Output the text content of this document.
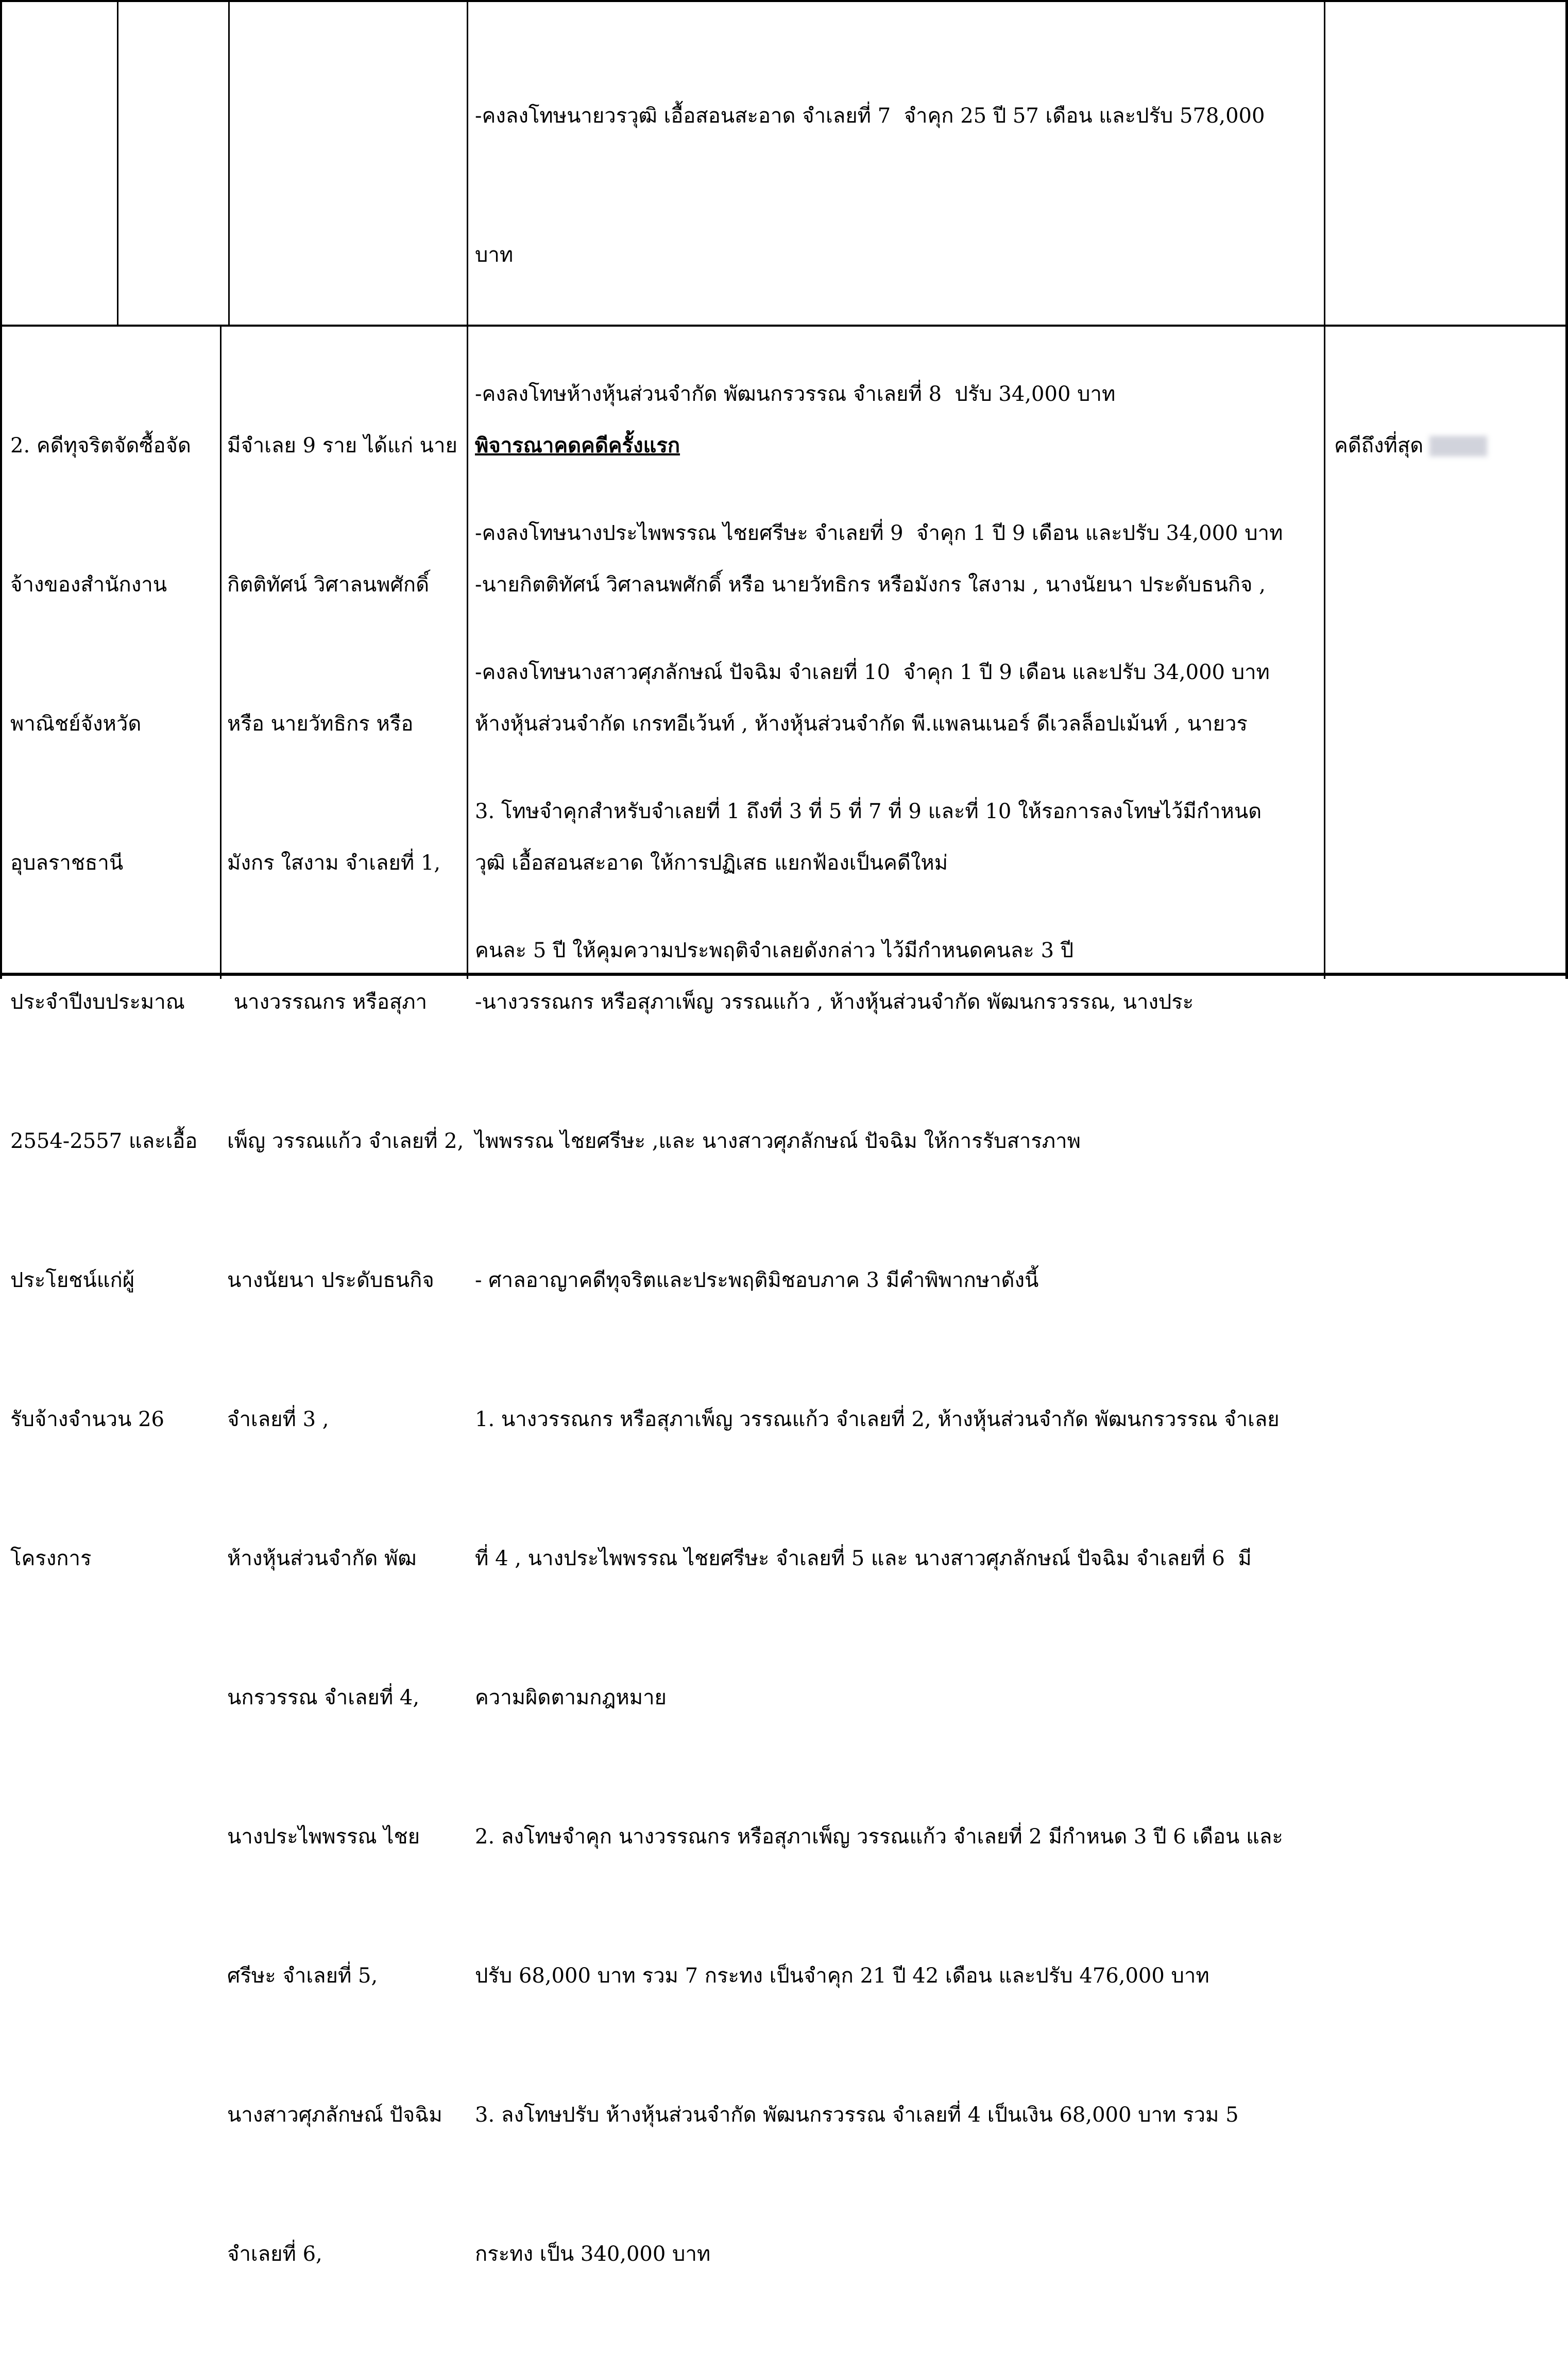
-คงลงโทษนายวรวุฒิ เอื้อสอนสะอาด จำเลยที่ 7  จำคุก 25 ปี 57 เดือน และปรับ 578,000

บาท

-คงลงโทษห้างหุ้นส่วนจำกัด พัฒนกรวรรณ จำเลยที่ 8  ปรับ 34,000 บาท

-คงลงโทษนางประไพพรรณ ไชยศรีษะ จำเลยที่ 9  จำคุก 1 ปี 9 เดือน และปรับ 34,000 บาท

-คงลงโทษนางสาวศุภลักษณ์ ปัจฉิม จำเลยที่ 10  จำคุก 1 ปี 9 เดือน และปรับ 34,000 บาท

3. โทษจำคุกสำหรับจำเลยที่ 1 ถึงที่ 3 ที่ 5 ที่ 7 ที่ 9 และที่ 10 ให้รอการลงโทษไว้มีกำหนด

คนละ 5 ปี ให้คุมความประพฤติจำเลยดังกล่าว ไว้มีกำหนดคนละ 3 ปี

2. คดีทุจริตจัดซื้อจัด

จ้างของสำนักงาน

พาณิชย์จังหวัด

อุบลราชธานี

ประจำปีงบประมาณ

2554-2557 และเอื้อ

ประโยชน์แก่ผู้

รับจ้างจำนวน 26

โครงการ

มีจำเลย 9 ราย ได้แก่ นาย

กิตติทัศน์ วิศาลนพศักดิ์

หรือ นายวัทธิกร หรือ

มังกร ใสงาม จำเลยที่ 1,

นางวรรณกร หรือสุภา

เพ็ญ วรรณแก้ว จำเลยที่ 2,

นางนัยนา ประดับธนกิจ

จำเลยที่ 3 ,

ห้างหุ้นส่วนจำกัด พัฒ

นกรวรรณ จำเลยที่ 4,

นางประไพพรรณ ไชย

ศรีษะ จำเลยที่ 5,

นางสาวศุภลักษณ์ ปัจฉิม

จำเลยที่ 6,

พิจารณาคดคดีครั้งแรก

-นายกิตติทัศน์ วิศาลนพศักดิ์ หรือ นายวัทธิกร หรือมังกร ใสงาม , นางนัยนา ประดับธนกิจ ,

ห้างหุ้นส่วนจำกัด เกรทอีเว้นท์ , ห้างหุ้นส่วนจำกัด พี.แพลนเนอร์ ดีเวลล็อปเม้นท์ , นายวร

วุฒิ เอื้อสอนสะอาด ให้การปฏิเสธ แยกฟ้องเป็นคดีใหม่

-นางวรรณกร หรือสุภาเพ็ญ วรรณแก้ว , ห้างหุ้นส่วนจำกัด พัฒนกรวรรณ, นางประ

ไพพรรณ ไชยศรีษะ ,และ นางสาวศุภลักษณ์ ปัจฉิม ให้การรับสารภาพ

- ศาลอาญาคดีทุจริตและประพฤติมิชอบภาค 3 มีคำพิพากษาดังนี้

1. นางวรรณกร หรือสุภาเพ็ญ วรรณแก้ว จำเลยที่ 2, ห้างหุ้นส่วนจำกัด พัฒนกรวรรณ จำเลย

ที่ 4 , นางประไพพรรณ ไชยศรีษะ จำเลยที่ 5 และ นางสาวศุภลักษณ์ ปัจฉิม จำเลยที่ 6  มี

ความผิดตามกฎหมาย

2. ลงโทษจำคุก นางวรรณกร หรือสุภาเพ็ญ วรรณแก้ว จำเลยที่ 2 มีกำหนด 3 ปี 6 เดือน และ

ปรับ 68,000 บาท รวม 7 กระทง เป็นจำคุก 21 ปี 42 เดือน และปรับ 476,000 บาท

3. ลงโทษปรับ ห้างหุ้นส่วนจำกัด พัฒนกรวรรณ จำเลยที่ 4 เป็นเงิน 68,000 บาท รวม 5

กระทง เป็น 340,000 บาท

คดีถึงที่สุด
